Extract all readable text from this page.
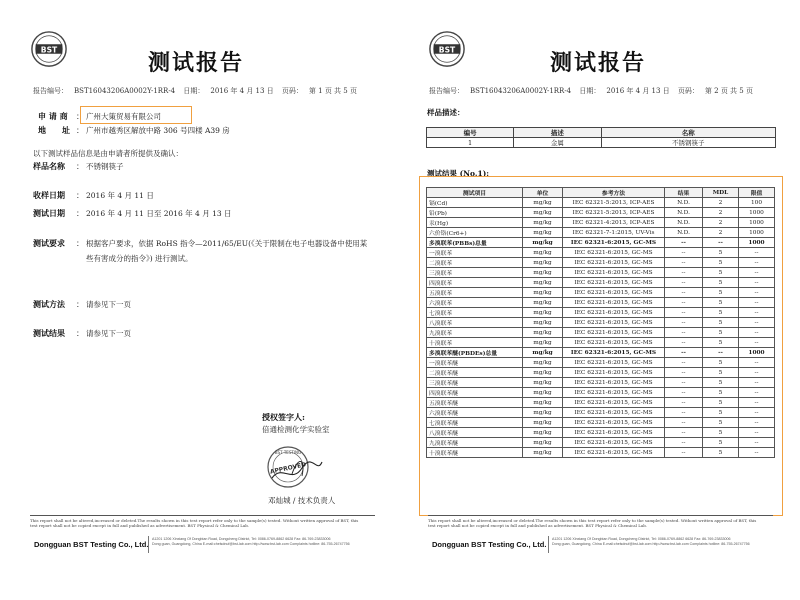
BST
测试报告
报告编号： BST16043206A0002Y-1RR-4 日期： 2016 年 4 月 13 日 页码： 第 1 页 共 5 页
申 请 商 ： 广州大策贸易有限公司
地　　址 ： 广州市越秀区解放中路 306 号四楼 A39 房
以下测试样品信息是由申请者所提供及确认：
样品名称 ： 不锈钢筷子
收样日期 ： 2016 年 4 月 11 日
测试日期 ： 2016 年 4 月 11 日至 2016 年 4 月 13 日
测试要求 ： 根据客户要求，依据 RoHS 指令—2011/65/EU(《关于限制在电子电器设备中使用某
些有害成分的指令》) 进行测试。
测试方法 ： 请参见下一页
测试结果 ： 请参见下一页
授权签字人:
倍通检测化学实验室
BST TESTING
APPROVED
邓灿城 / 技术负责人
This report shall not be altered,increased or deleted.The results shown in this test report refer only to the sample(s) tested. Without written approval of BST, this
test report shall not be copied except in full and published as advertisement. BST Physical & Chemical Lab.
Dongguan BST Testing Co., Ltd.
A1201 1206 Xinxiang Of Dongbian Road, Dongcheng District, Tel: 0086-0769-8862 6628 Fax: 86-769-23833006
Dong guan, Guangdong, China E-mail:chelsdnuf@bst-lab.com http://www.bst-lab.com Complaints hotline: 86-755-26747756
BST
测试报告
报告编号： BST16043206A0002Y-1RR-4 日期： 2016 年 4 月 13 日 页码： 第 2 页 共 5 页
样品描述：
编号	描述	名称
1	金属	不锈钢筷子
测试结果 (No.1):
测试项目	单位	参考方法	结果	MDL	限值
镉(Cd)	mg/kg	IEC 62321-5:2013, ICP-AES	N.D.	2	100
铅(Pb)	mg/kg	IEC 62321-5:2013, ICP-AES	N.D.	2	1000
汞(Hg)	mg/kg	IEC 62321-4:2013, ICP-AES	N.D.	2	1000
六价铬(Cr6+)	mg/kg	IEC 62321-7-1:2015, UV-Vis	N.D.	2	1000
多溴联苯(PBBs)总量	mg/kg	IEC 62321-6:2015, GC-MS	--	--	1000
一溴联苯	mg/kg	IEC 62321-6:2015, GC-MS	--	5	--
二溴联苯	mg/kg	IEC 62321-6:2015, GC-MS	--	5	--
三溴联苯	mg/kg	IEC 62321-6:2015, GC-MS	--	5	--
四溴联苯	mg/kg	IEC 62321-6:2015, GC-MS	--	5	--
五溴联苯	mg/kg	IEC 62321-6:2015, GC-MS	--	5	--
六溴联苯	mg/kg	IEC 62321-6:2015, GC-MS	--	5	--
七溴联苯	mg/kg	IEC 62321-6:2015, GC-MS	--	5	--
八溴联苯	mg/kg	IEC 62321-6:2015, GC-MS	--	5	--
九溴联苯	mg/kg	IEC 62321-6:2015, GC-MS	--	5	--
十溴联苯	mg/kg	IEC 62321-6:2015, GC-MS	--	5	--
多溴联苯醚(PBDEs)总量	mg/kg	IEC 62321-6:2015, GC-MS	--	--	1000
一溴联苯醚	mg/kg	IEC 62321-6:2015, GC-MS	--	5	--
二溴联苯醚	mg/kg	IEC 62321-6:2015, GC-MS	--	5	--
三溴联苯醚	mg/kg	IEC 62321-6:2015, GC-MS	--	5	--
四溴联苯醚	mg/kg	IEC 62321-6:2015, GC-MS	--	5	--
五溴联苯醚	mg/kg	IEC 62321-6:2015, GC-MS	--	5	--
六溴联苯醚	mg/kg	IEC 62321-6:2015, GC-MS	--	5	--
七溴联苯醚	mg/kg	IEC 62321-6:2015, GC-MS	--	5	--
八溴联苯醚	mg/kg	IEC 62321-6:2015, GC-MS	--	5	--
九溴联苯醚	mg/kg	IEC 62321-6:2015, GC-MS	--	5	--
十溴联苯醚	mg/kg	IEC 62321-6:2015, GC-MS	--	5	--
This report shall not be altered,increased or deleted.The results shown in this test report refer only to the sample(s) tested. Without written approval of BST, this
test report shall not be copied except in full and published as advertisement. BST Physical & Chemical Lab.
Dongguan BST Testing Co., Ltd.
A1201 1206 Xinxiang Of Dongbian Road, Dongcheng District, Tel: 0086-0769-8862 6628 Fax: 86-769-23833006
Dong guan, Guangdong, China E-mail:chelsdnuf@bst-lab.com http://www.bst-lab.com Complaints hotline: 86-755-26747756
